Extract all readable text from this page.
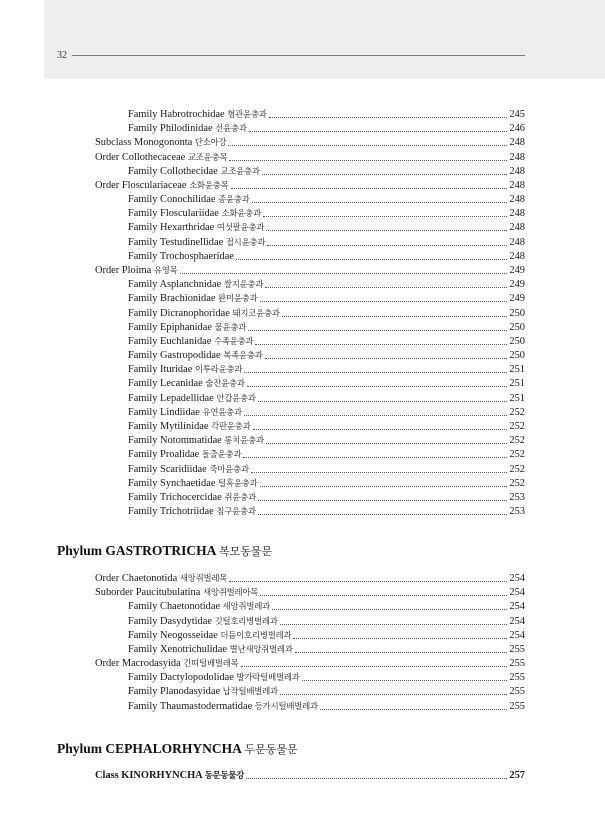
32
Family Habrotrochidae 혐관윤충과	245
Family Philodinidae 선윤충과	246
Subclass Monogononta 단소아강	248
Order Collothecaceae 교조윤충목	248
Family Collothecidae 교조윤충과	248
Order Flosculariaceae 소화윤충목	248
Family Conochilidae 종윤충과	248
Family Flosculariidae 소화윤충과	248
Family Hexarthridae 여섯팔윤충과	248
Family Testudinellidae 접시윤충과	248
Family Trochosphaeridae	248
Order Ploima 유영목	249
Family Asplanchnidae 쌀지윤충과	249
Family Brachionidae 완미윤충과	249
Family Dicranophoridae 돼지코윤충과	250
Family Epiphanidae 물윤충과	250
Family Euchlanidae 수족윤충과	250
Family Gastropodidae 복족윤충과	250
Family Ituridae 이투라윤충과	251
Family Lecanidae 술잔윤충과	251
Family Lepadellidae 안갑윤충과	251
Family Lindiidae 유연윤충과	252
Family Mytilinidae 각판윤충과	252
Family Notommatidae 롱치윤충과	252
Family Proalidae 돌출윤충과	252
Family Scaridiidae 죽마윤충과	252
Family Synchaetidae 털혹윤충과	252
Family Trichocercidae 쥐윤충과	253
Family Trichotriidae 침구윤충과	253
Phylum GASTROTRICHA 복모동물문
Order Chaetonotida 새앙쥐벌레목	254
Suborder Paucitubulatina 새앙쥐벌레아목	254
Family Chaetonotidae 새앙쥐벌레과	254
Family Dasydytidae 깃털호리병벌레과	254
Family Neogosseidae 더듬이호리병벌레과	254
Family Xenotrichulidae 별난새앙쥐벌레과	255
Order Macrodasyida 긴띠털배벌레목	255
Family Dactylopodolidae 발가락털배벌레과	255
Family Planodasyidae 납작털배벌레과	255
Family Thaumastodermatidae 등가시털배벌레과	255
Phylum CEPHALORHYNCHA 두문동물문
Class KINORHYNCHA 동문동물강	257
